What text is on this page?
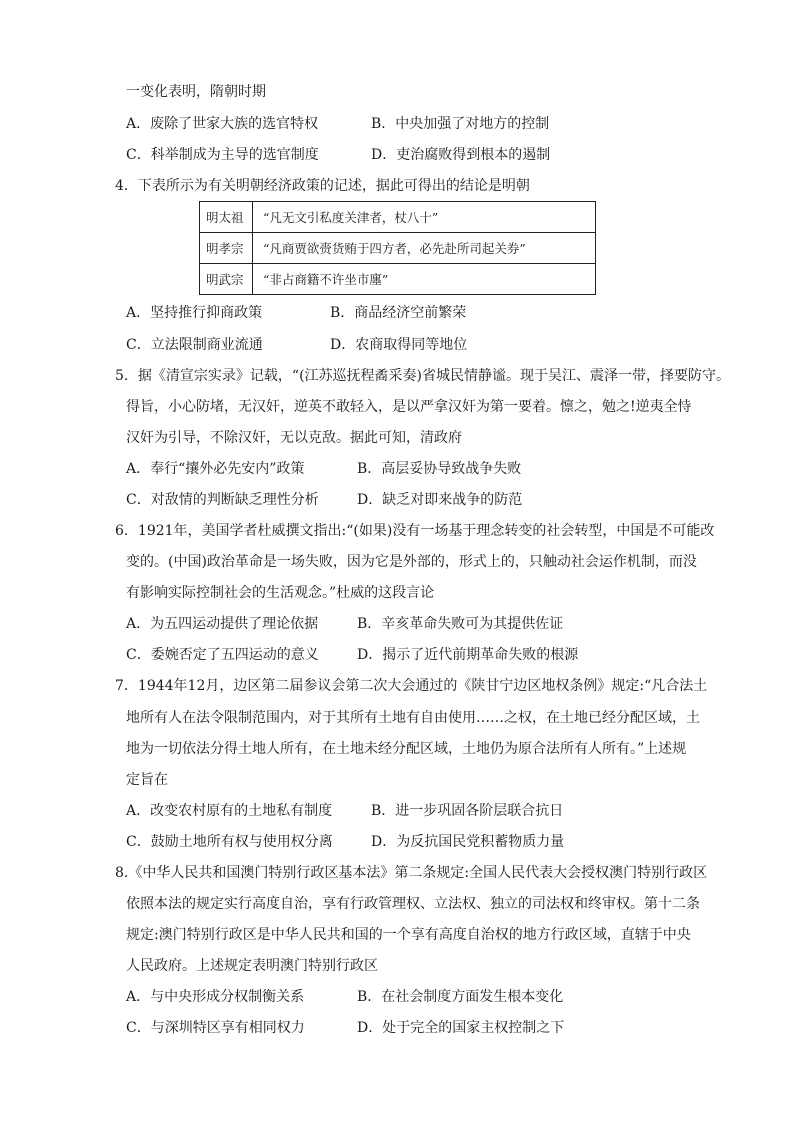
一变化表明，隋朝时期
A．废除了世家大族的选官特权	B．中央加强了对地方的控制
C．科举制成为主导的选官制度	D．吏治腐败得到根本的遏制
4．下表所示为有关明朝经济政策的记述，据此可得出的结论是明朝
明太祖	“凡无文引私度关津者，杖八十”
明孝宗	“凡商贾欲赍货贿于四方者，必先赴所司起关券”
明武宗	“非占商籍不许坐市廛”
A．坚持推行抑商政策	B．商品经济空前繁荣
C．立法限制商业流通	D．农商取得同等地位
5．据《清宣宗实录》记载，“(江苏巡抚程矞采奏)省城民情静谧。现于吴江、震泽一带，择要防守。
得旨，小心防堵，无汉奸，逆英不敢轻入，是以严拿汉奸为第一要着。懔之，勉之!逆夷全恃
汉奸为引导，不除汉奸，无以克敌。据此可知，清政府
A．奉行“攘外必先安内”政策	B．高层妥协导致战争失败
C．对敌情的判断缺乏理性分析	D．缺乏对即来战争的防范
6．1921年，美国学者杜威撰文指出:“(如果)没有一场基于理念转变的社会转型，中国是不可能改
变的。(中国)政治革命是一场失败，因为它是外部的，形式上的，只触动社会运作机制，而没
有影响实际控制社会的生活观念。”杜威的这段言论
A．为五四运动提供了理论依据	B．辛亥革命失败可为其提供佐证
C．委婉否定了五四运动的意义	D．揭示了近代前期革命失败的根源
7．1944年12月，边区第二届参议会第二次大会通过的《陕甘宁边区地权条例》规定:“凡合法土
地所有人在法令限制范围内，对于其所有土地有自由使用……之权，在土地已经分配区域，土
地为一切依法分得土地人所有，在土地未经分配区域，土地仍为原合法所有人所有。”上述规
定旨在
A．改变农村原有的土地私有制度	B．进一步巩固各阶层联合抗日
C．鼓励土地所有权与使用权分离	D．为反抗国民党积蓄物质力量
8.《中华人民共和国澳门特别行政区基本法》第二条规定:全国人民代表大会授权澳门特别行政区
依照本法的规定实行高度自治，享有行政管理权、立法权、独立的司法权和终审权。第十二条
规定:澳门特别行政区是中华人民共和国的一个享有高度自治权的地方行政区域，直辖于中央
人民政府。上述规定表明澳门特别行政区
A．与中央形成分权制衡关系	B．在社会制度方面发生根本变化
C．与深圳特区享有相同权力	D．处于完全的国家主权控制之下
